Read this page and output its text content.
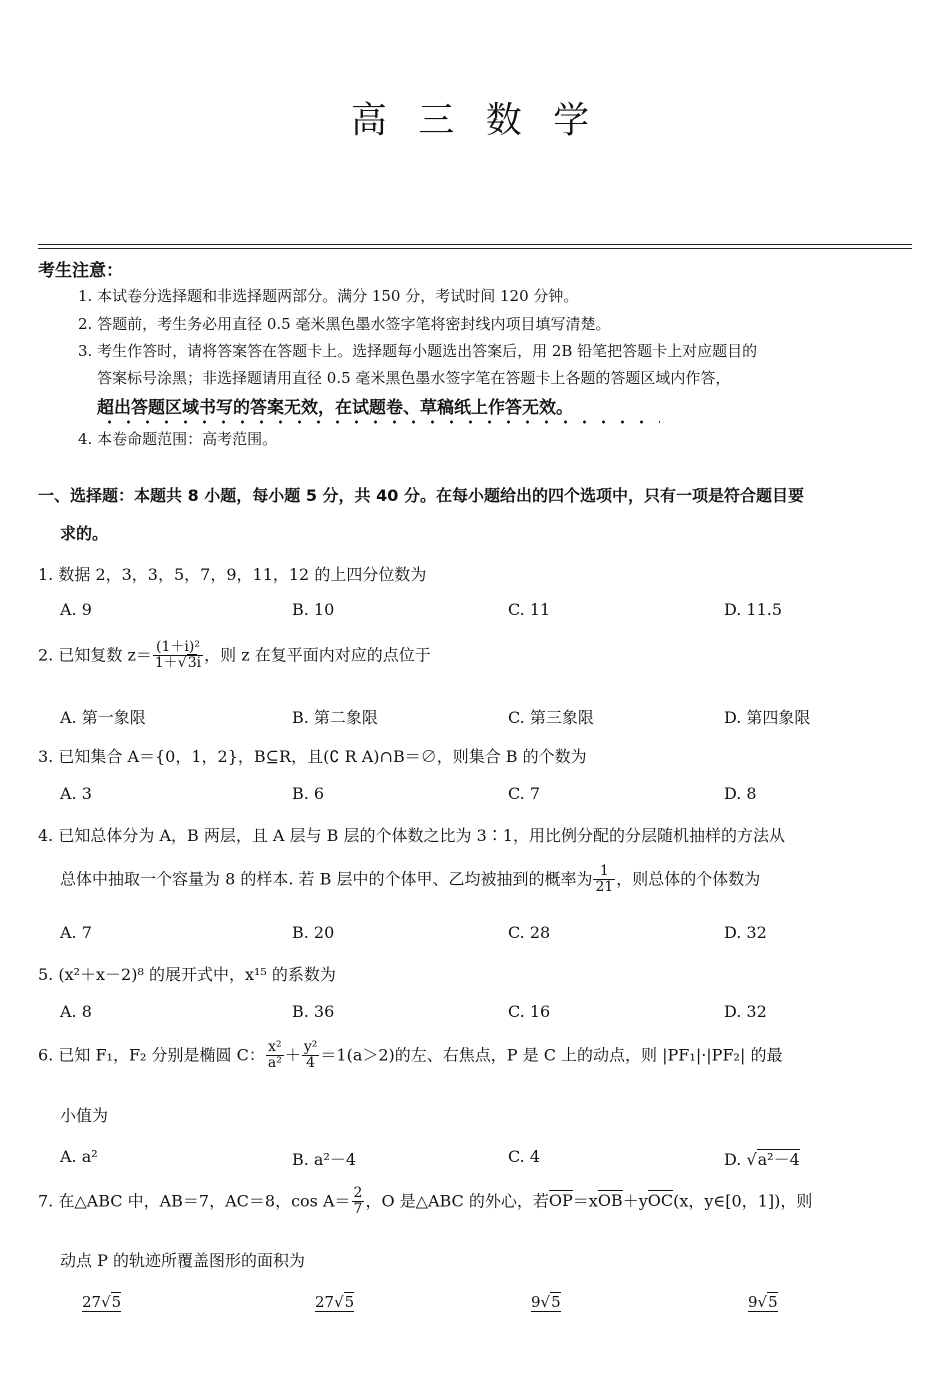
高 三 数 学
考生注意：
1. 本试卷分选择题和非选择题两部分。满分 150 分，考试时间 120 分钟。
2. 答题前，考生务必用直径 0.5 毫米黑色墨水签字笔将密封线内项目填写清楚。
3. 考生作答时，请将答案答在答题卡上。选择题每小题选出答案后，用 2B 铅笔把答题卡上对应题目的
答案标号涂黑；非选择题请用直径 0.5 毫米黑色墨水签字笔在答题卡上各题的答题区域内作答，
超出答题区域书写的答案无效，在试题卷、草稿纸上作答无效。
4. 本卷命题范围：高考范围。
一、选择题：本题共 8 小题，每小题 5 分，共 40 分。在每小题给出的四个选项中，只有一项是符合题目要
求的。
1. 数据 2，3，3，5，7，9，11，12 的上四分位数为
A. 9	B. 10	C. 11	D. 11.5
2. 已知复数 $z= \frac{\text{(1＋i)²}}{1+√3i}$ ，则 z 在复平面内对应的点位于
A. 第一象限	B. 第二象限	C. 第三象限	D. 第四象限
3. 已知集合 A＝{0，1，2}，B⊆R，且(∁ R A)∩B＝∅，则集合 B 的个数为
A. 3	B. 6	C. 7	D. 8
4. 已知总体分为 A，B 两层，且 A 层与 B 层的个体数之比为 3∶1，用比例分配的分层随机抽样的方法从
总体中抽取一个容量为 8 的样本. 若 B 层中的个体甲、乙均被抽到的概率为 $\frac{1}{21}$ ，则总体的个体数为
A. 7	B. 20	C. 28	D. 32
5. (x²＋x－2)⁸ 的展开式中，x¹⁵ 的系数为
A. 8	B. 36	C. 16	D. 32
6. 已知 F₁，F₂ 分别是椭圆 C： $\frac{\text{x²}}{\text{a²}} + \frac{\text{y²}}{4} =1(a>2)$的左、右焦点，P 是 C 上的动点，则 |PF₁|·|PF₂| 的最
小值为
A. a²	B. a²－4	C. 4	D. √a²－4
7. 在△ABC 中，AB＝7，AC＝8，$\cos A= \frac{2}{7}$ ，O 是△ABC 的外心，若OP＝xOB＋yOC(x，y∈[0，1])，则
动点 P 的轨迹所覆盖图形的面积为
27√5	27√5	9√5	9√5
